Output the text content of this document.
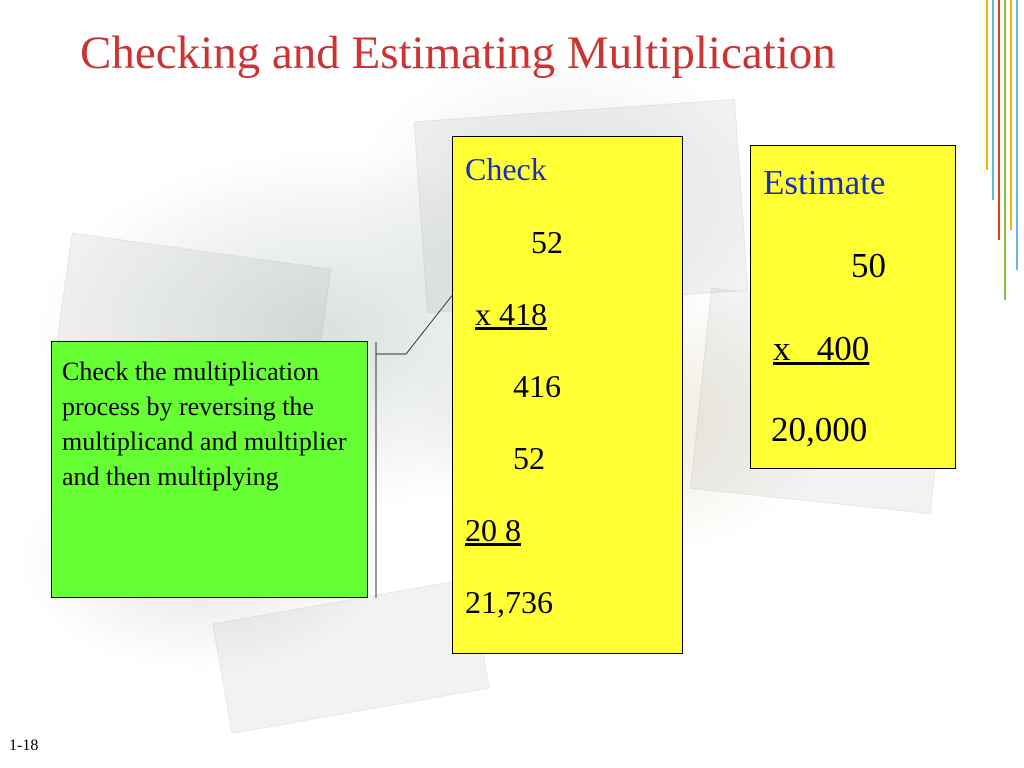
Checking and Estimating Multiplication
Check the multiplication process by reversing the multiplicand and multiplier and then multiplying
Check
52
x 418
416
52
20 8
21,736
Estimate
50
x   400
20,000
1-18
